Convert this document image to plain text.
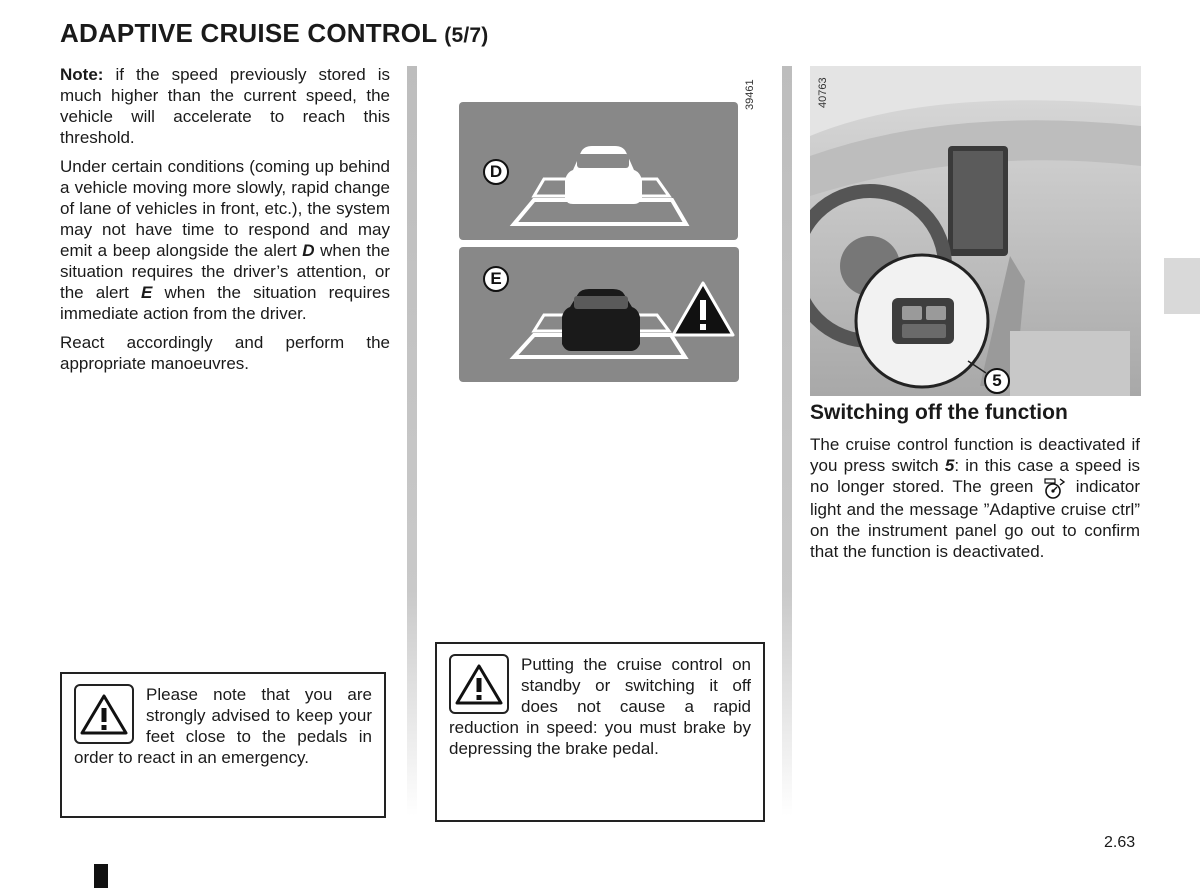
ADAPTIVE CRUISE CONTROL (5/7)

Note: if the speed previously stored is much higher than the current speed, the vehicle will accelerate to reach this threshold.

Under certain conditions (coming up behind a vehicle moving more slowly, rapid change of lane of vehicles in front, etc.), the system may not have time to respond and may emit a beep alongside the alert D when the situation requires the driver’s attention, or the alert E when the situation requires immediate action from the driver.

React accordingly and perform the appropriate manoeuvres.

39461
D
E
Please note that you are strongly advised to keep your feet close to the pedals in order to react in an emergency.
Putting the cruise control on standby or switching it off does not cause a rapid reduction in speed: you must brake by depressing the brake pedal.
5
40763
Switching off the function

The cruise control function is deactivated if you press switch 5: in this case a speed is no longer stored. The green  indicator light and the message ”Adaptive cruise ctrl” on the instrument panel go out to confirm that the function is deactivated.

2.63
